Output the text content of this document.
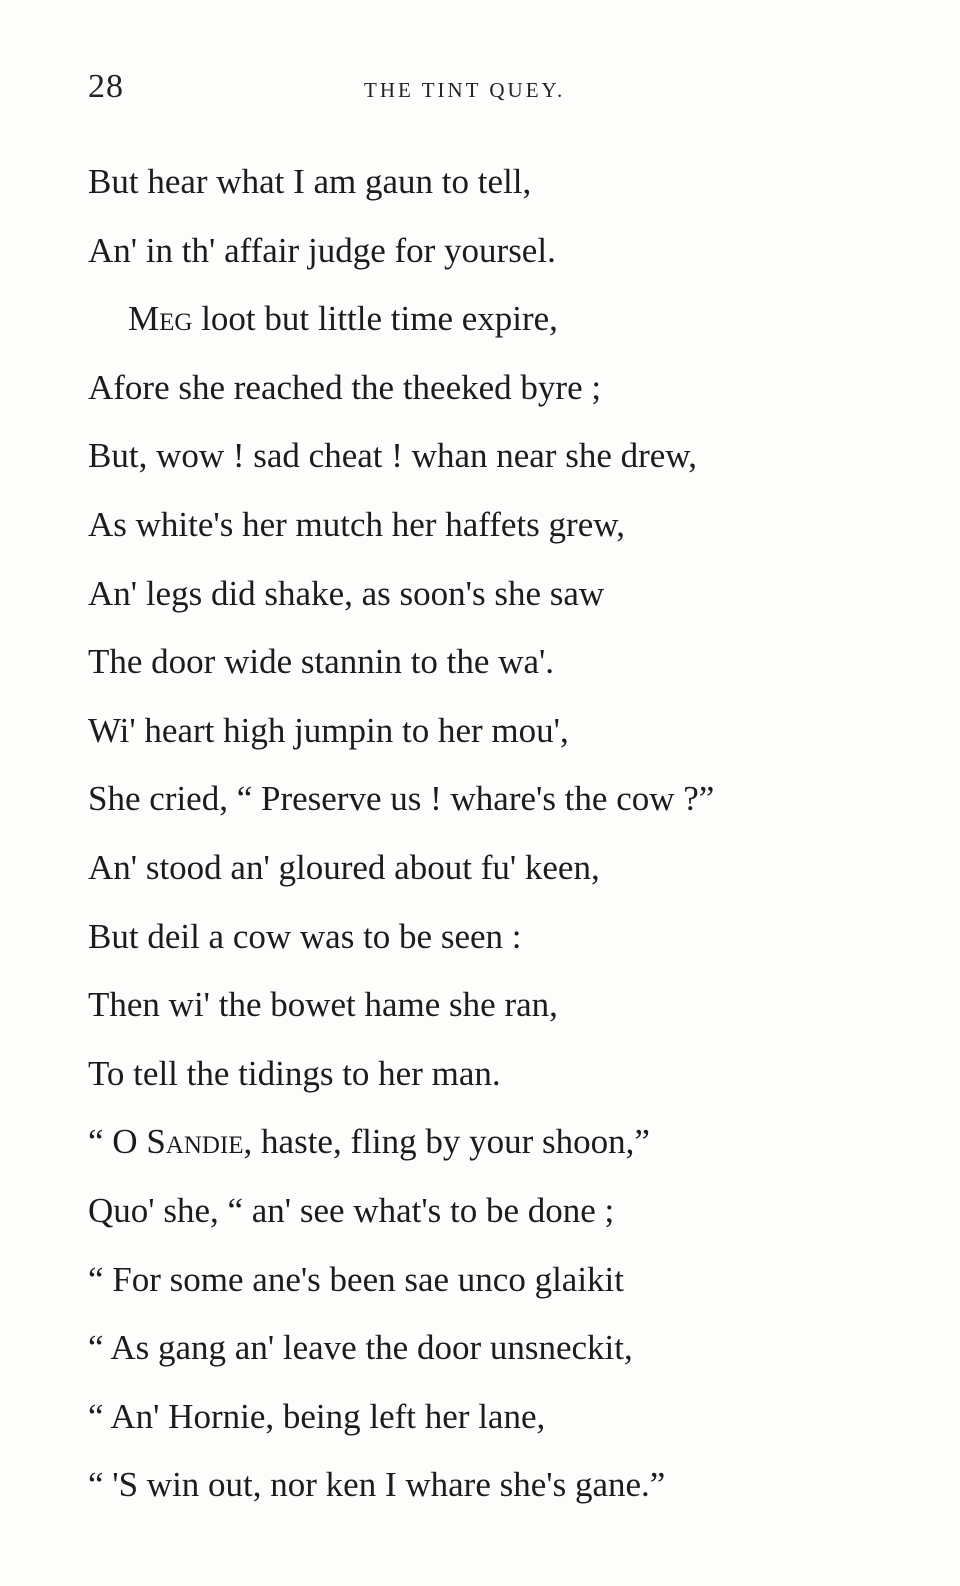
28	THE TINT QUEY.
But hear what I am gaun to tell,
An' in th' affair judge for yoursel.
Meg loot but little time expire,
Afore she reached the theeked byre ;
But, wow ! sad cheat ! whan near she drew,
As white's her mutch her haffets grew,
An' legs did shake, as soon's she saw
The door wide stannin to the wa'.
Wi' heart high jumpin to her mou',
She cried, “ Preserve us ! whare's the cow ?”
An' stood an' gloured about fu' keen,
But deil a cow was to be seen :
Then wi' the bowet hame she ran,
To tell the tidings to her man.
“ O Sandie, haste, fling by your shoon,”
Quo' she, “ an' see what's to be done ;
“ For some ane's been sae unco glaikit
“ As gang an' leave the door unsneckit,
“ An' Hornie, being left her lane,
“ 'S win out, nor ken I whare she's gane.”
